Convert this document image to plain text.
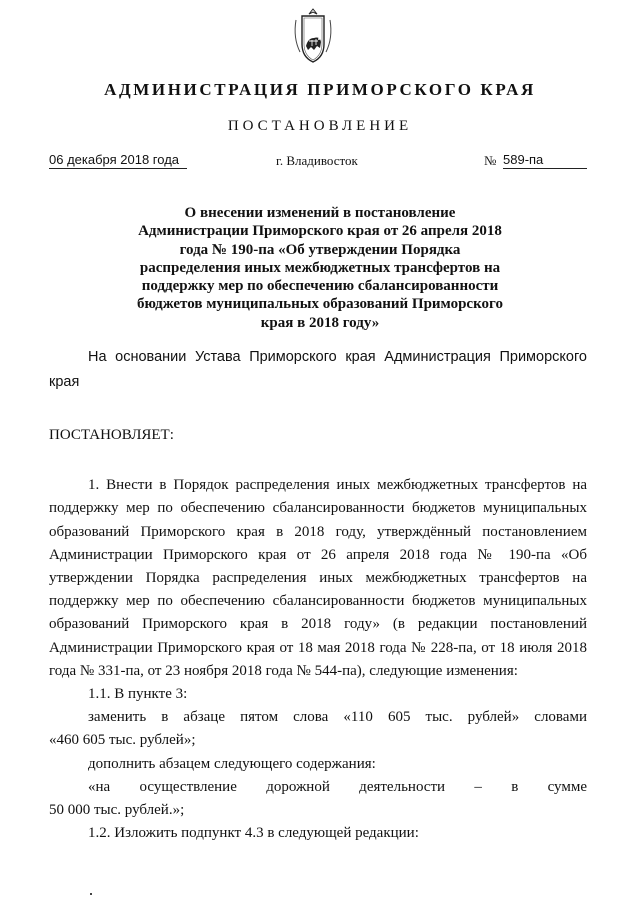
АДМИНИСТРАЦИЯ ПРИМОРСКОГО КРАЯ
ПОСТАНОВЛЕНИЕ
06 декабря 2018 года	г. Владивосток	№ 589-па

О внесении изменений в постановление Администрации Приморского края от 26 апреля 2018 года № 190-па «Об утверждении Порядка распределения иных межбюджетных трансфертов на поддержку мер по обеспечению сбалансированности бюджетов муниципальных образований Приморского края в 2018 году»

На основании Устава Приморского края Администрация Приморского края

ПОСТАНОВЛЯЕТ:

1. Внести в Порядок распределения иных межбюджетных трансфертов на поддержку мер по обеспечению сбалансированности бюджетов муниципальных образований Приморского края в 2018 году, утверждённый постановлением Администрации Приморского края от 26 апреля 2018 года № 190-па «Об утверждении Порядка распределения иных межбюджетных трансфертов на поддержку мер по обеспечению сбалансированности бюджетов муниципальных образований Приморского края в 2018 году» (в редакции постановлений Администрации Приморского края от 18 мая 2018 года № 228-па, от 18 июля 2018 года № 331-па, от 23 ноября 2018 года № 544-па), следующие изменения:

1.1. В пункте 3:

заменить в абзаце пятом слова «110 605 тыс. рублей» словами

«460 605 тыс. рублей»;

дополнить абзацем следующего содержания:

«на осуществление дорожной деятельности – в сумме

50 000 тыс. рублей.»;

1.2. Изложить подпункт 4.3 в следующей редакции:
